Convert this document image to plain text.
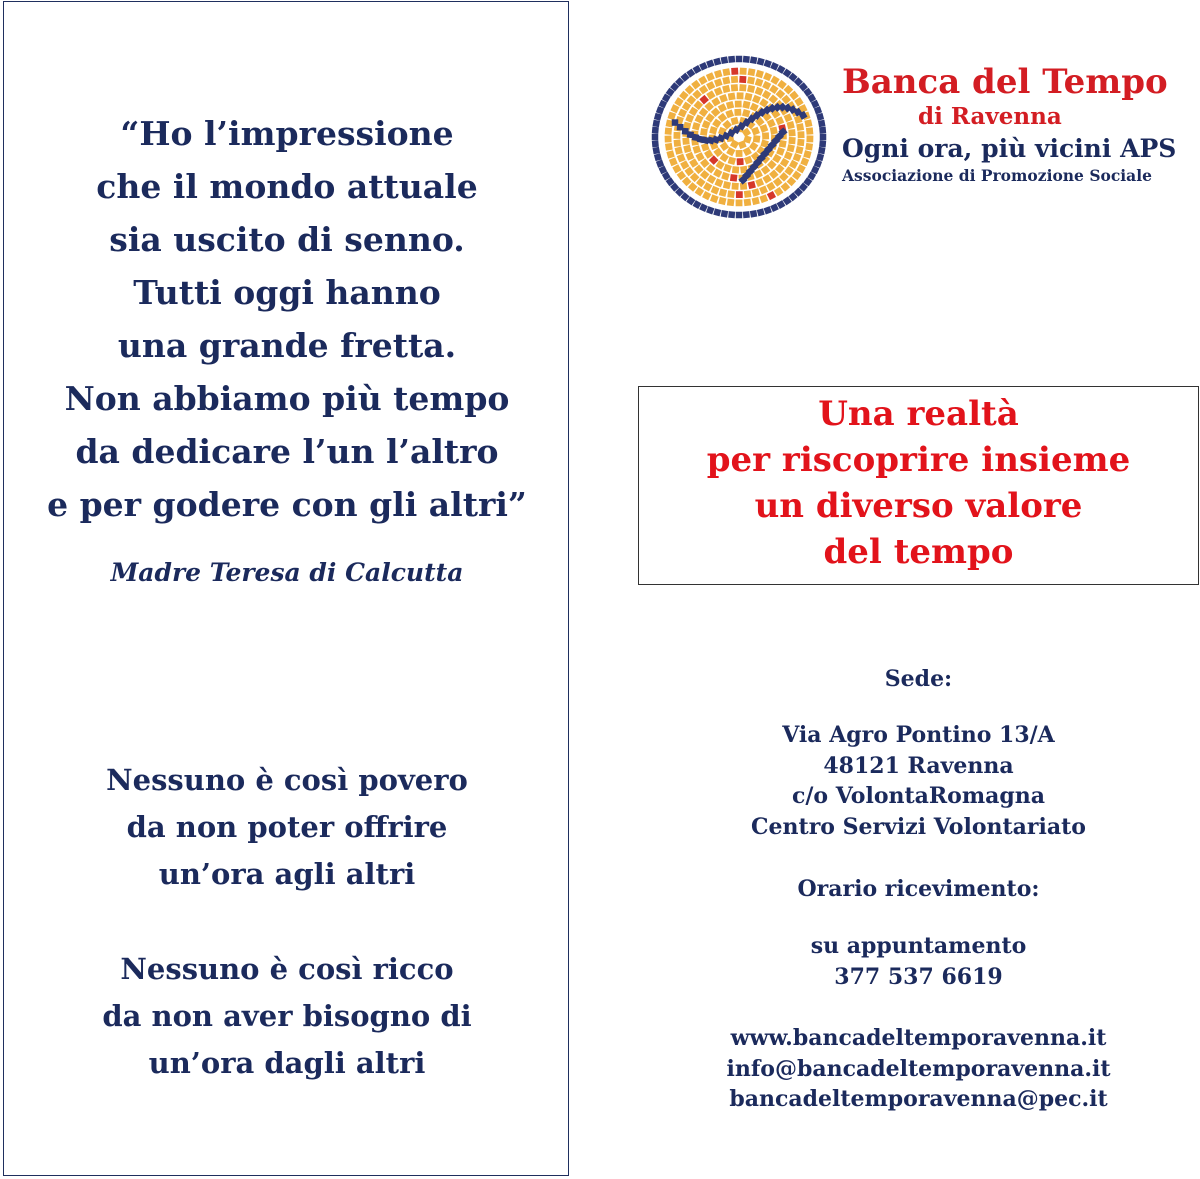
“Ho l’impressione
che il mondo attuale
sia uscito di senno.
Tutti oggi hanno
una grande fretta.
Non abbiamo più tempo
da dedicare l’un l’altro
e per godere con gli altri”
Madre Teresa di Calcutta
Nessuno è così povero
da non poter offrire
un’ora agli altri
Nessuno è così ricco
da non aver bisogno di
un’ora dagli altri
Banca del Tempo
di Ravenna
Ogni ora, più vicini APS
Associazione di Promozione Sociale
Una realtà
per riscoprire insieme
un diverso valore
del tempo
Sede:
Via Agro Pontino 13/A
48121 Ravenna
c/o VolontaRomagna
Centro Servizi Volontariato
Orario ricevimento:
su appuntamento
377 537 6619
www.bancadeltemporavenna.it
info@bancadeltemporavenna.it
bancadeltemporavenna@pec.it
